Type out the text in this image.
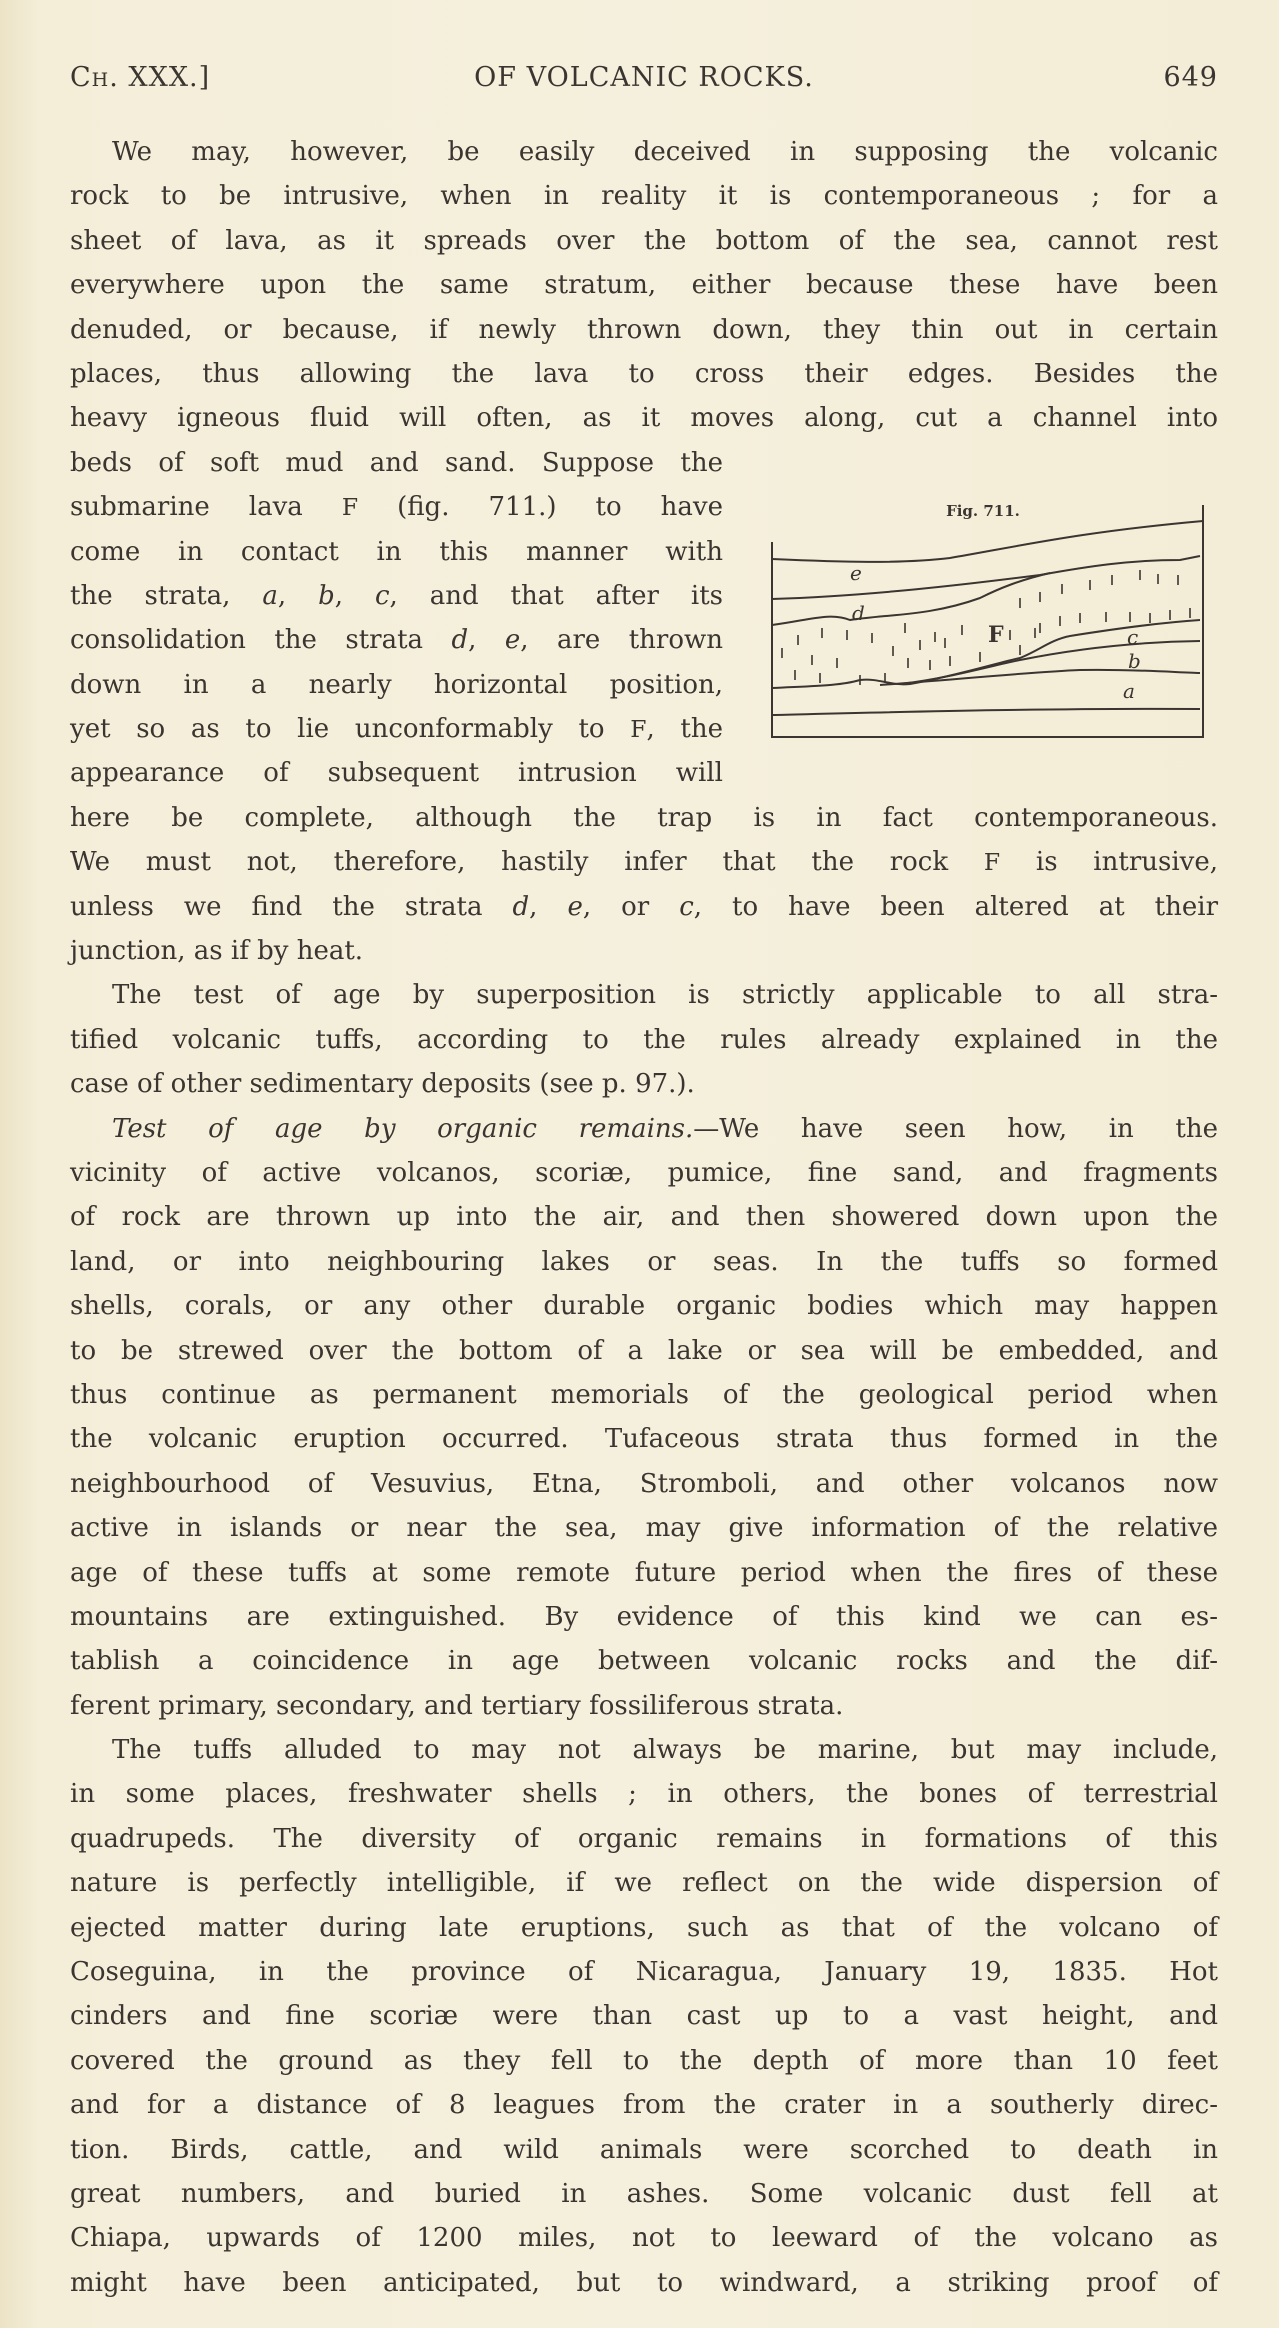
Ch. XXX.]	OF VOLCANIC ROCKS.	649
We may, however, be easily deceived in supposing the volcanic
rock to be intrusive, when in reality it is contemporaneous ; for a
sheet of lava, as it spreads over the bottom of the sea, cannot rest
everywhere upon the same stratum, either because these have been
denuded, or because, if newly thrown down, they thin out in certain
places, thus allowing the lava to cross their edges. Besides the
heavy igneous fluid will often, as it moves along, cut a channel into
beds of soft mud and sand. Suppose the
submarine lava F (fig. 711.) to have
come in contact in this manner with
the strata, a, b, c, and that after its
consolidation the strata d, e, are thrown
down in a nearly horizontal position,
yet so as to lie unconformably to F, the
appearance of subsequent intrusion will
here be complete, although the trap is in fact contemporaneous.
We must not, therefore, hastily infer that the rock F is intrusive,
unless we find the strata d, e, or c, to have been altered at their
junction, as if by heat.
The test of age by superposition is strictly applicable to all stra-
tified volcanic tuffs, according to the rules already explained in the
case of other sedimentary deposits (see p. 97.).
Test of age by organic remains.—We have seen how, in the
vicinity of active volcanos, scoriæ, pumice, fine sand, and fragments
of rock are thrown up into the air, and then showered down upon the
land, or into neighbouring lakes or seas. In the tuffs so formed
shells, corals, or any other durable organic bodies which may happen
to be strewed over the bottom of a lake or sea will be embedded, and
thus continue as permanent memorials of the geological period when
the volcanic eruption occurred. Tufaceous strata thus formed in the
neighbourhood of Vesuvius, Etna, Stromboli, and other volcanos now
active in islands or near the sea, may give information of the relative
age of these tuffs at some remote future period when the fires of these
mountains are extinguished. By evidence of this kind we can es-
tablish a coincidence in age between volcanic rocks and the dif-
ferent primary, secondary, and tertiary fossiliferous strata.
The tuffs alluded to may not always be marine, but may include,
in some places, freshwater shells ; in others, the bones of terrestrial
quadrupeds. The diversity of organic remains in formations of this
nature is perfectly intelligible, if we reflect on the wide dispersion of
ejected matter during late eruptions, such as that of the volcano of
Coseguina, in the province of Nicaragua, January 19, 1835. Hot
cinders and fine scoriæ were than cast up to a vast height, and
covered the ground as they fell to the depth of more than 10 feet
and for a distance of 8 leagues from the crater in a southerly direc-
tion. Birds, cattle, and wild animals were scorched to death in
great numbers, and buried in ashes. Some volcanic dust fell at
Chiapa, upwards of 1200 miles, not to leeward of the volcano as
might have been anticipated, but to windward, a striking proof of
Fig. 711.
e
d
F	c
b
a
